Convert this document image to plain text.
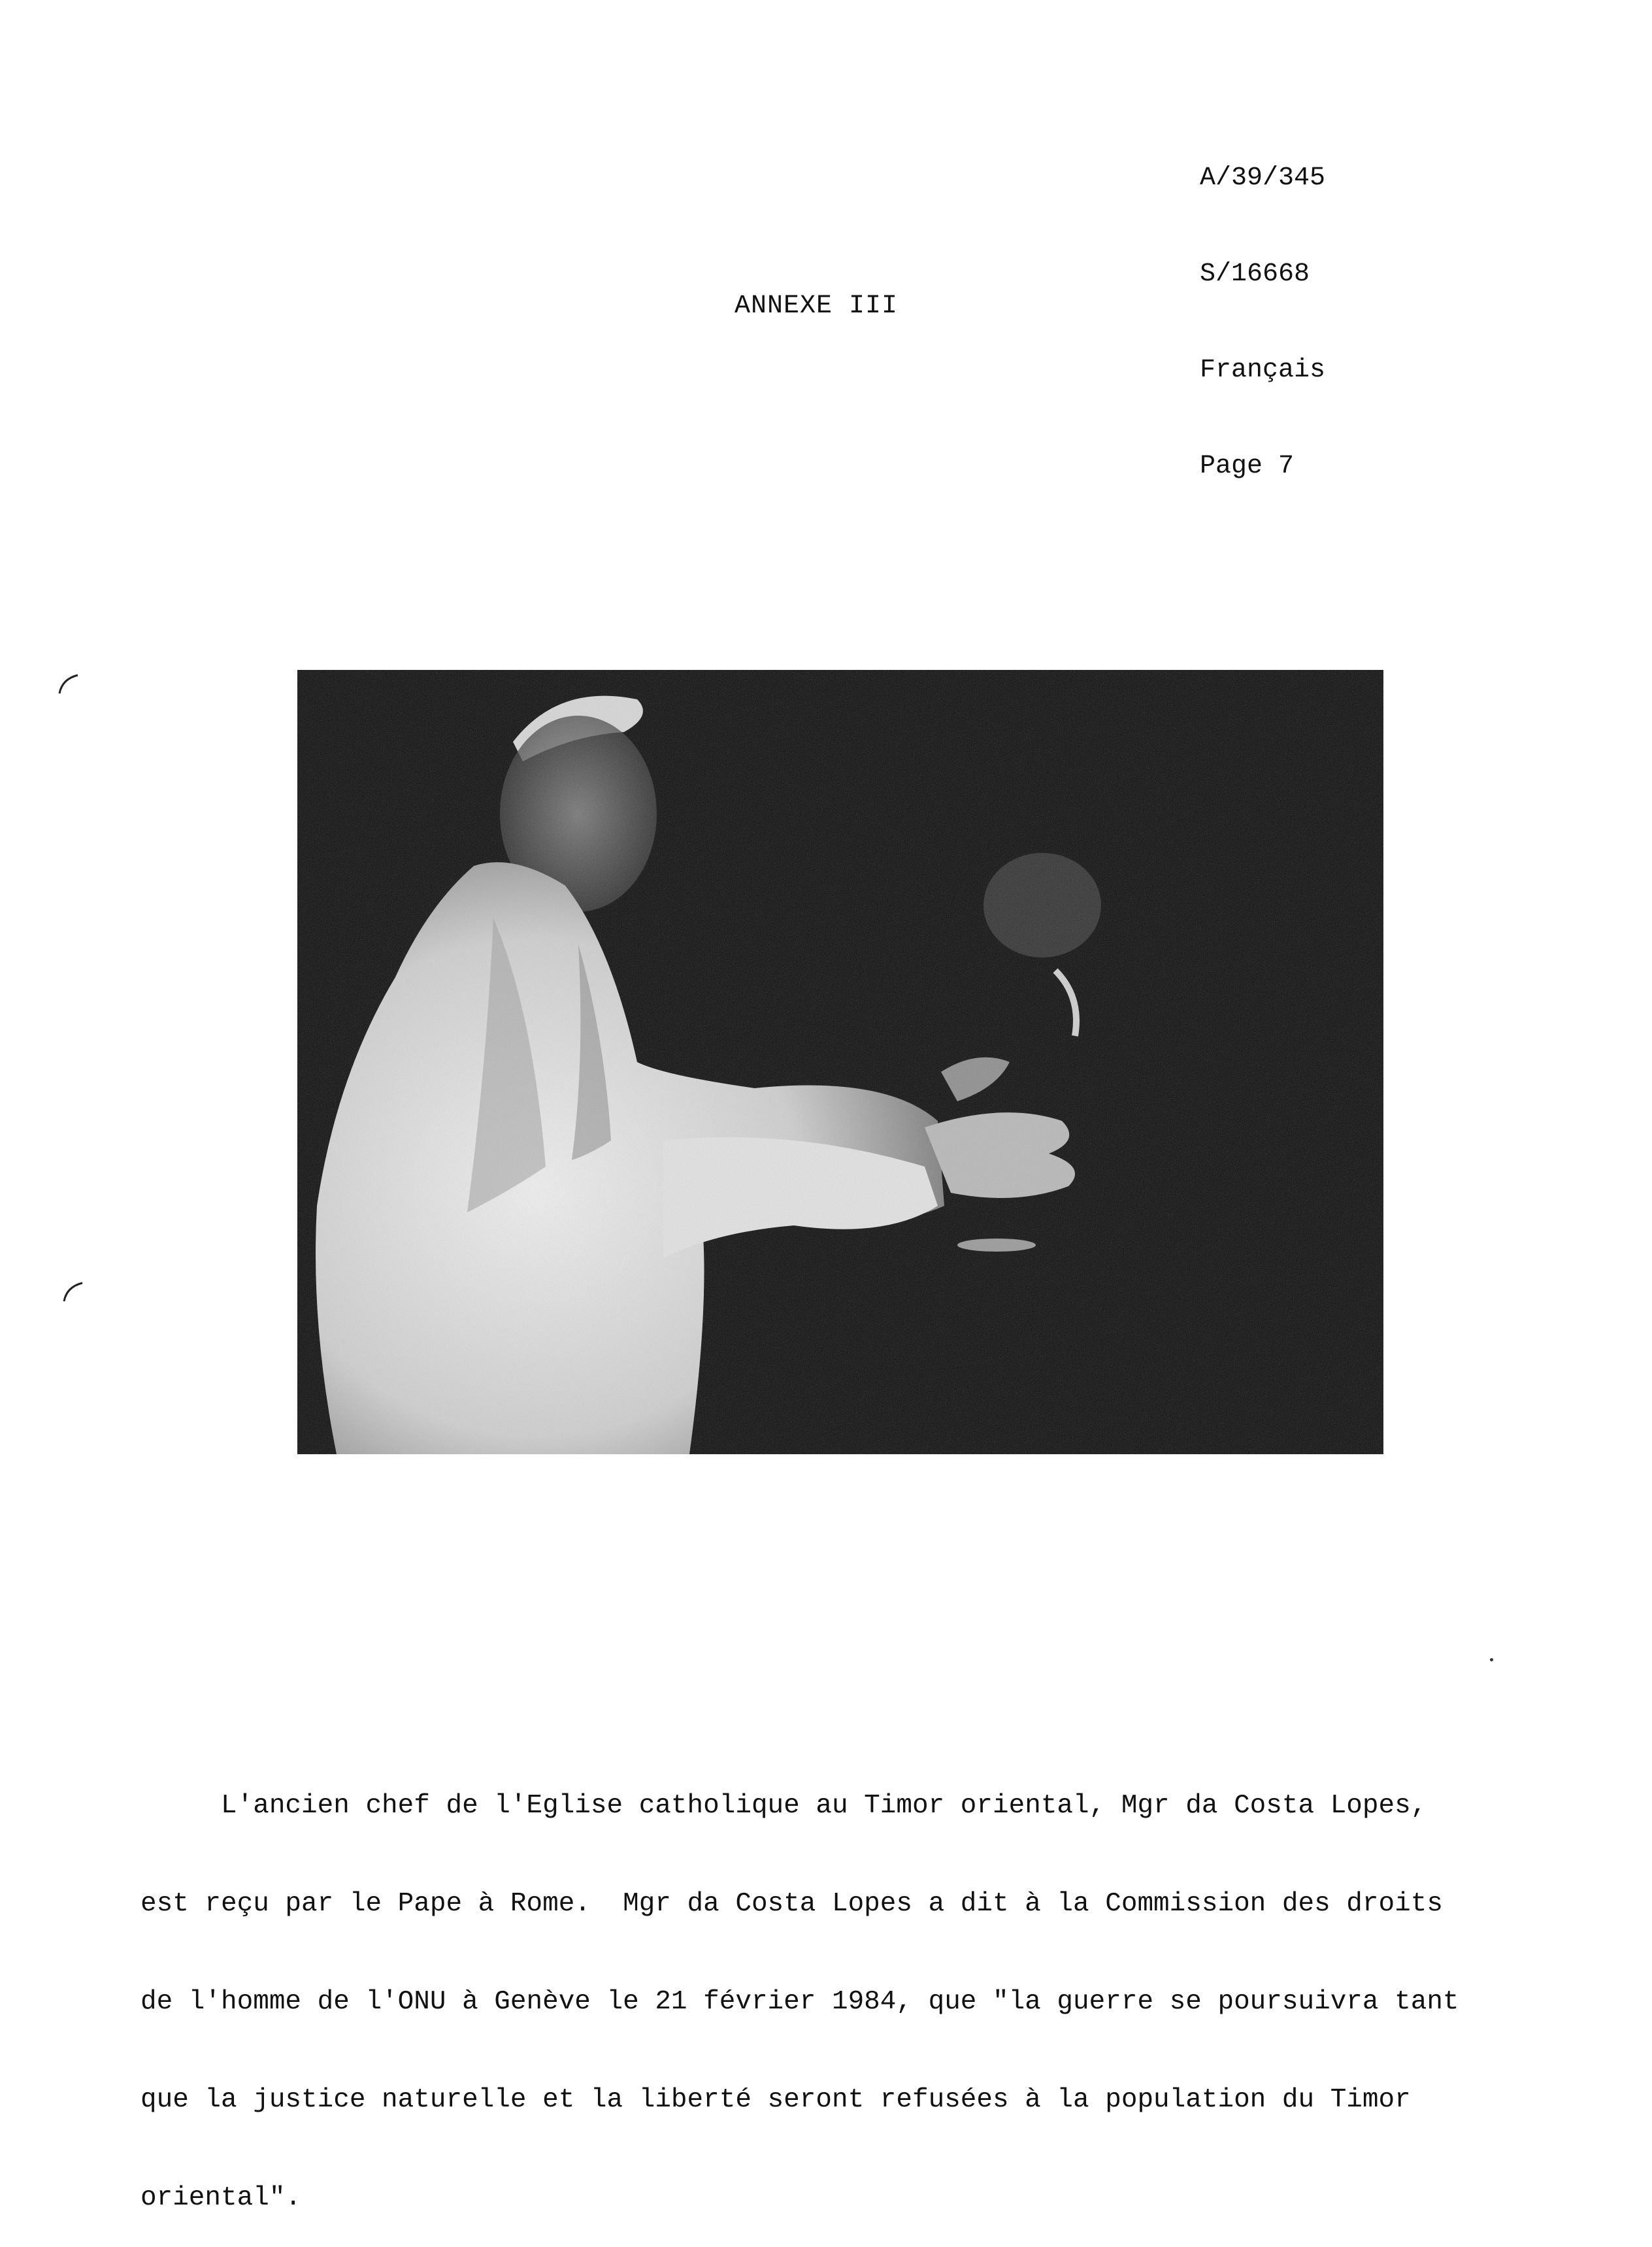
A/39/345

S/16668

Français

Page 7

ANNEXE III

L'ancien chef de l'Eglise catholique au Timor oriental, Mgr da Costa Lopes,

est reçu par le Pape à Rome.  Mgr da Costa Lopes a dit à la Commission des droits

de l'homme de l'ONU à Genève le 21 février 1984, que "la guerre se poursuivra tant

que la justice naturelle et la liberté seront refusées à la population du Timor

oriental".
